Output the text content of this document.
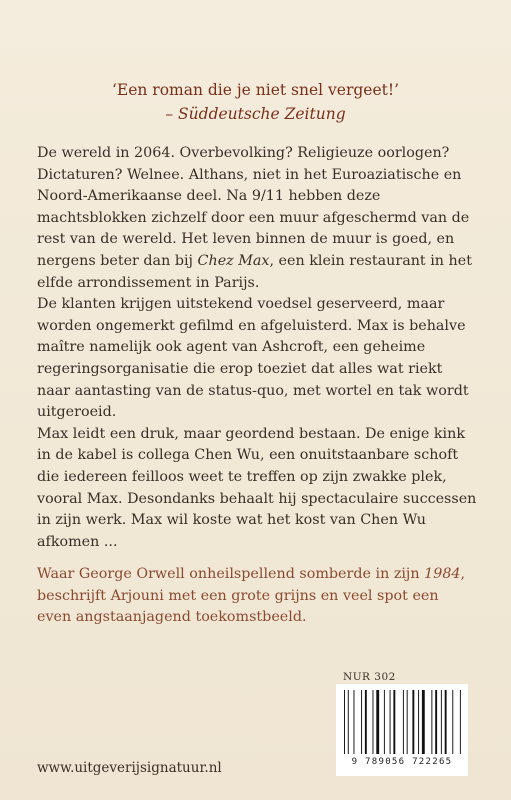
‘Een roman die je niet snel vergeet!’
– Süddeutsche Zeitung

De wereld in 2064. Overbevolking? Religieuze oorlogen? Dictaturen? Welnee. Althans, niet in het Euroaziatische en Noord-Amerikaanse deel. Na 9/11 hebben deze machtsblokken zichzelf door een muur afgeschermd van de rest van de wereld. Het leven binnen de muur is goed, en nergens beter dan bij Chez Max, een klein restaurant in het elfde arrondissement in Parijs.

De klanten krijgen uitstekend voedsel geserveerd, maar worden ongemerkt gefilmd en afgeluisterd. Max is behalve maître namelijk ook agent van Ashcroft, een geheime regeringsorganisatie die erop toeziet dat alles wat riekt naar aantasting van de status-quo, met wortel en tak wordt uitgeroeid.

Max leidt een druk, maar geordend bestaan. De enige kink in de kabel is collega Chen Wu, een onuitstaanbare schoft die iedereen feilloos weet te treffen op zijn zwakke plek, vooral Max. Desondanks behaalt hij spectaculaire successen in zijn werk. Max wil koste wat het kost van Chen Wu afkomen ...

Waar George Orwell onheilspellend somberde in zijn 1984, beschrijft Arjouni met een grote grijns en veel spot een even angstaanjagend toekomstbeeld.

NUR 302
9 789056 722265
www.uitgeverijsignatuur.nl
